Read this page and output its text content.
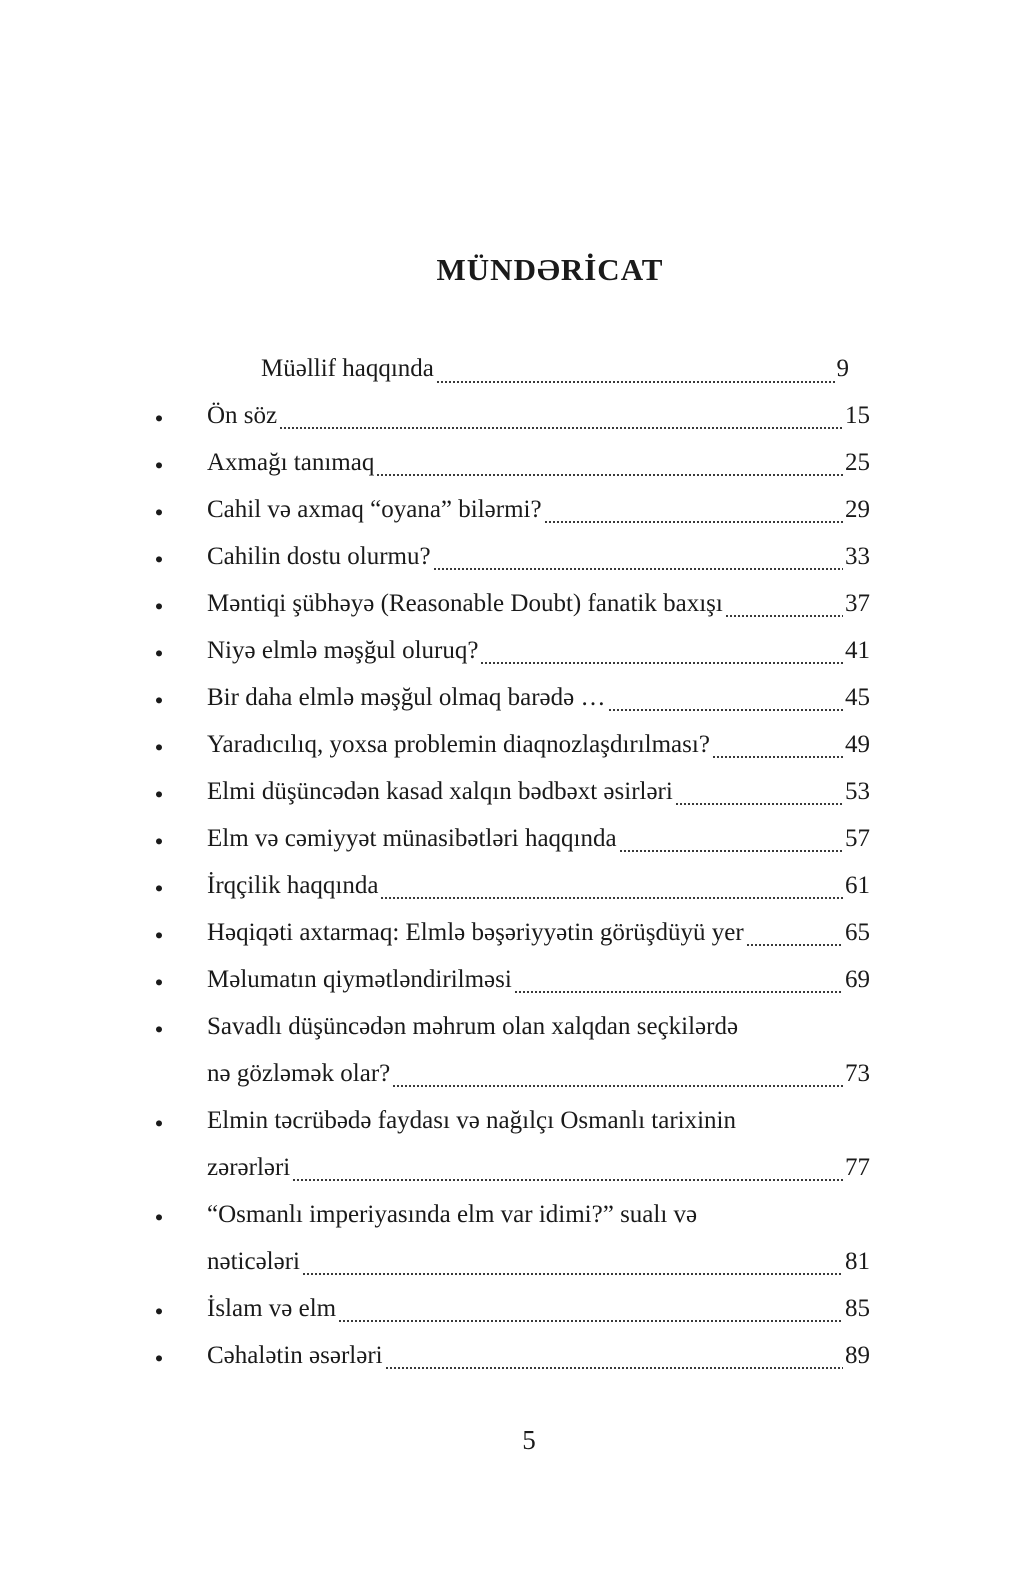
MÜNDƏRİCAT
Müəllif haqqında	9
Ön söz	15
Axmağı tanımaq	25
Cahil və axmaq “oyana” bilərmi?	29
Cahilin dostu olurmu?	33
Məntiqi şübhəyə (Reasonable Doubt) fanatik baxışı	37
Niyə elmlə məşğul oluruq?	41
Bir daha elmlə məşğul olmaq barədə …	45
Yaradıcılıq, yoxsa problemin diaqnozlaşdırılması?	49
Elmi düşüncədən kasad xalqın bədbəxt əsirləri	53
Elm və cəmiyyət münasibətləri haqqında	57
İrqçilik haqqında	61
Həqiqəti axtarmaq: Elmlə bəşəriyyətin görüşdüyü yer	65
Məlumatın qiymətləndirilməsi	69
Savadlı düşüncədən məhrum olan xalqdan seçkilərdə
nə gözləmək olar?	73
Elmin təcrübədə faydası və nağılçı Osmanlı tarixinin
zərərləri	77
“Osmanlı imperiyasında elm var idimi?” sualı və
nəticələri	81
İslam və elm	85
Cəhalətin əsərləri	89
5
